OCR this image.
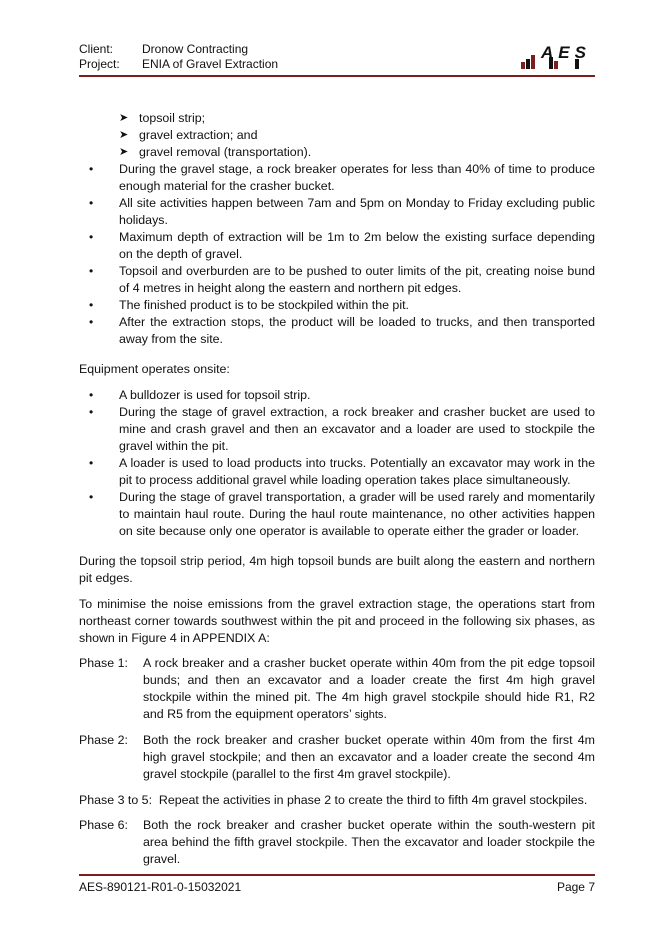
Client:	Dronow Contracting
Project:	ENIA of Gravel Extraction
AES
➤ topsoil strip;
➤ gravel extraction; and
➤ gravel removal (transportation).
• During the gravel stage, a rock breaker operates for less than 40% of time to produce enough material for the crasher bucket.
• All site activities happen between 7am and 5pm on Monday to Friday excluding public holidays.
• Maximum depth of extraction will be 1m to 2m below the existing surface depending on the depth of gravel.
• Topsoil and overburden are to be pushed to outer limits of the pit, creating noise bund of 4 metres in height along the eastern and northern pit edges.
• The finished product is to be stockpiled within the pit.
• After the extraction stops, the product will be loaded to trucks, and then transported away from the site.

Equipment operates onsite:

• A bulldozer is used for topsoil strip.
• During the stage of gravel extraction, a rock breaker and crasher bucket are used to mine and crash gravel and then an excavator and a loader are used to stockpile the gravel within the pit.
• A loader is used to load products into trucks. Potentially an excavator may work in the pit to process additional gravel while loading operation takes place simultaneously.
• During the stage of gravel transportation, a grader will be used rarely and momentarily to maintain haul route. During the haul route maintenance, no other activities happen on site because only one operator is available to operate either the grader or loader.

During the topsoil strip period, 4m high topsoil bunds are built along the eastern and northern pit edges.

To minimise the noise emissions from the gravel extraction stage, the operations start from northeast corner towards southwest within the pit and proceed in the following six phases, as shown in Figure 4 in APPENDIX A:

Phase 1:	A rock breaker and a crasher bucket operate within 40m from the pit edge topsoil bunds; and then an excavator and a loader create the first 4m high gravel stockpile within the mined pit. The 4m high gravel stockpile should hide R1, R2 and R5 from the equipment operators’ sights.
Phase 2:	Both the rock breaker and crasher bucket operate within 40m from the first 4m high gravel stockpile; and then an excavator and a loader create the second 4m gravel stockpile (parallel to the first 4m gravel stockpile).

Phase 3 to 5:  Repeat the activities in phase 2 to create the third to fifth 4m gravel stockpiles.

Phase 6:	Both the rock breaker and crasher bucket operate within the south-western pit area behind the fifth gravel stockpile. Then the excavator and loader stockpile the gravel.
AES-890121-R01-0-15032021	Page 7
